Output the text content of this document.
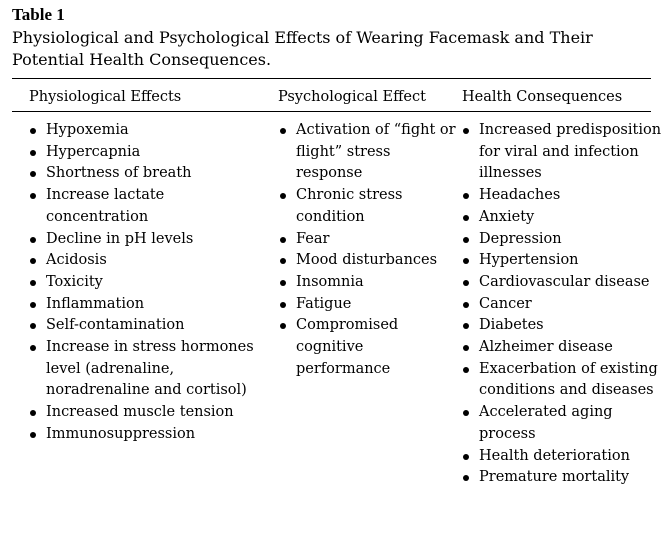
Table 1
Physiological and Psychological Effects of Wearing Facemask and Their Potential Health Consequences.
Physiological Effects	Psychological Effect Health Consequences
Hypoxemia
Hypercapnia
Shortness of breath
Increase lactate concentration
Decline in pH levels
Acidosis
Toxicity
Inflammation
Self-contamination
Increase in stress hormones level (adrenaline, noradrenaline and cortisol)
Increased muscle tension
Immunosuppression
Activation of “fight or flight” stress response
Chronic stress condition
Fear
Mood disturbances
Insomnia
Fatigue
Compromised cognitive performance
Increased predisposition for viral and infection illnesses
Headaches
Anxiety
Depression
Hypertension
Cardiovascular disease
Cancer
Diabetes
Alzheimer disease
Exacerbation of existing conditions and diseases
Accelerated aging process
Health deterioration
Premature mortality
